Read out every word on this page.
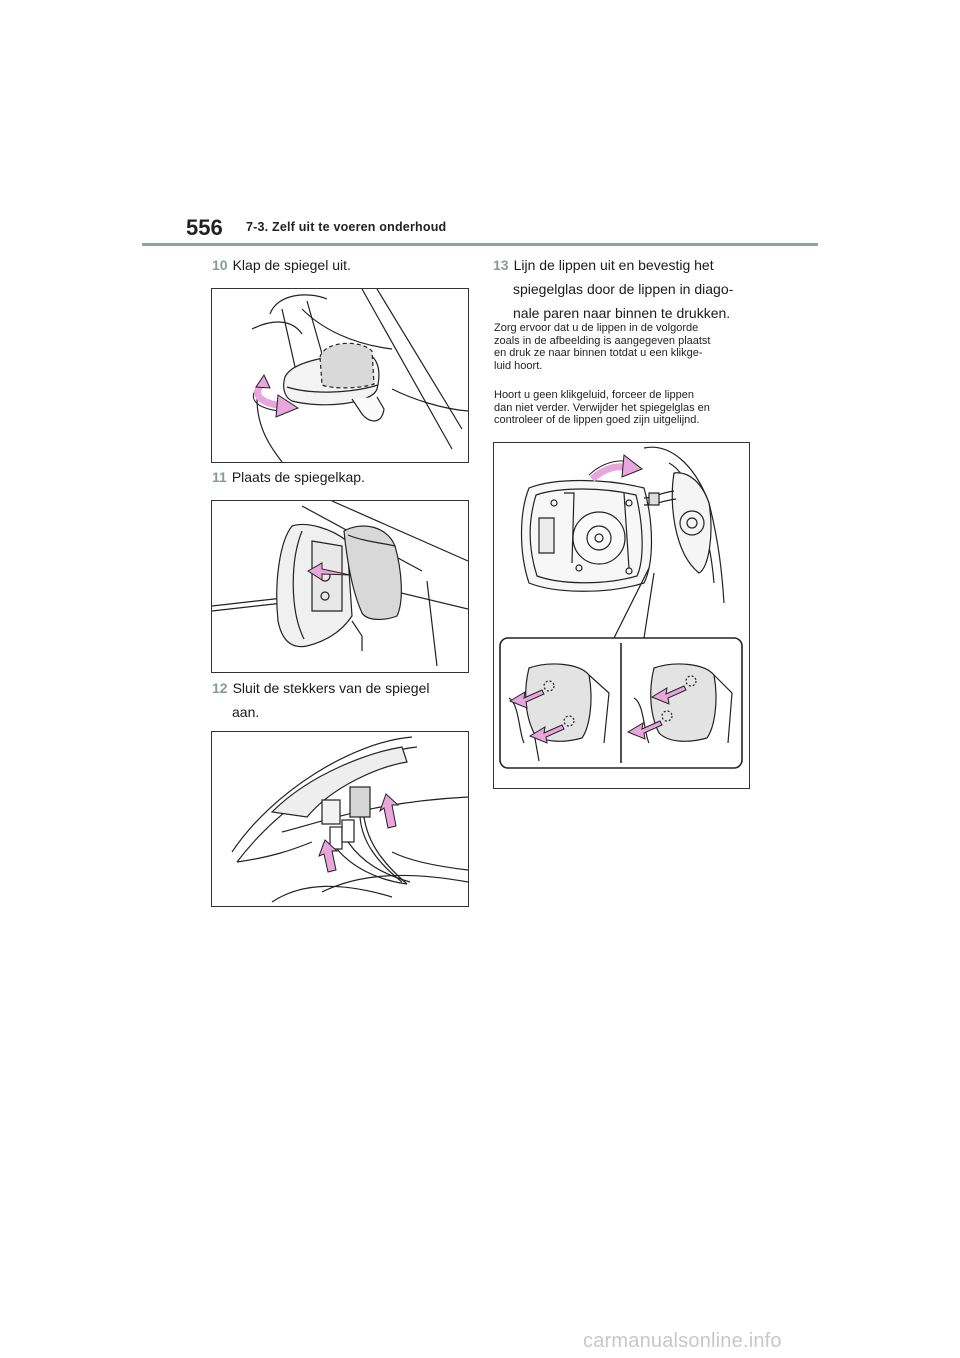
556 7-3. Zelf uit te voeren onderhoud
10 Klap de spiegel uit.
11 Plaats de spiegelkap.
12 Sluit de stekkers van de spiegel
aan.
13 Lijn de lippen uit en bevestig het
spiegelglas door de lippen in diago-
nale paren naar binnen te drukken.
Zorg ervoor dat u de lippen in de volgorde
zoals in de afbeelding is aangegeven plaatst
en druk ze naar binnen totdat u een klikge-
luid hoort.
Hoort u geen klikgeluid, forceer de lippen
dan niet verder. Verwijder het spiegelglas en
controleer of de lippen goed zijn uitgelijnd.
carmanualsonline.info
